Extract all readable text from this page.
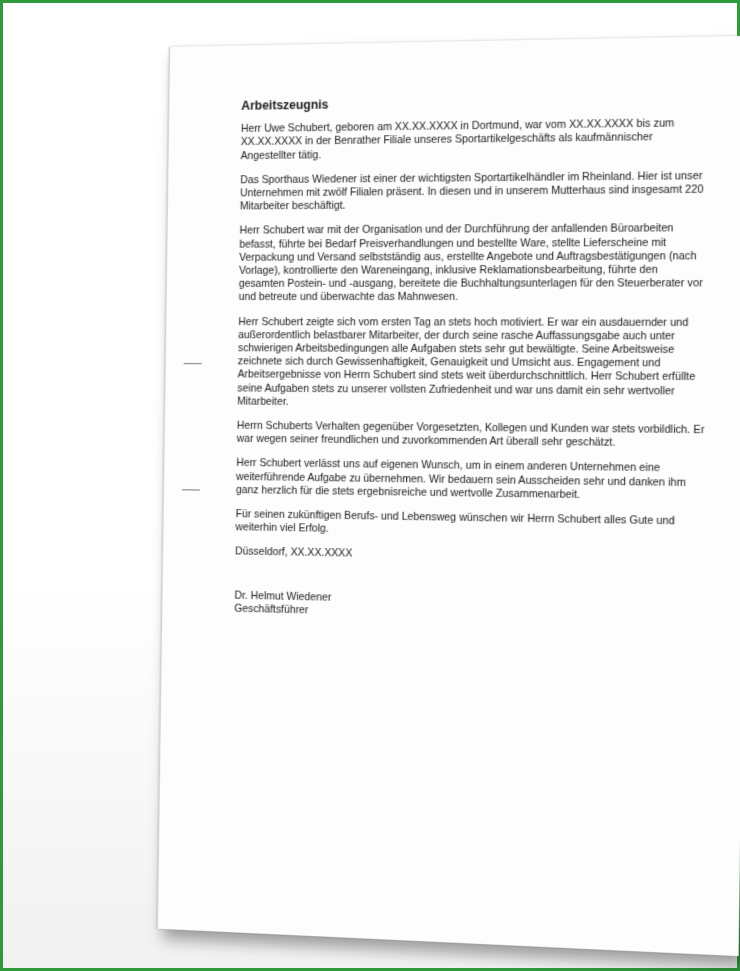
Arbeitszeugnis

Herr Uwe Schubert, geboren am XX.XX.XXXX in Dortmund, war vom XX.XX.XXXX bis zum XX.XX.XXXX in der Benrather Filiale unseres Sportartikelgeschäfts als kaufmännischer Angestellter tätig.

Das Sporthaus Wiedener ist einer der wichtigsten Sportartikelhändler im Rheinland. Hier ist unser Unternehmen mit zwölf Filialen präsent. In diesen und in unserem Mutterhaus sind insgesamt 220 Mitarbeiter beschäftigt.

Herr Schubert war mit der Organisation und der Durchführung der anfallenden Büroarbeiten befasst, führte bei Bedarf Preisverhandlungen und bestellte Ware, stellte Lieferscheine mit Verpackung und Versand selbstständig aus, erstellte Angebote und Auftragsbestätigungen (nach Vorlage), kontrollierte den Wareneingang, inklusive Reklamationsbearbeitung, führte den gesamten Postein- und -ausgang, bereitete die Buchhaltungsunterlagen für den Steuerberater vor und betreute und überwachte das Mahnwesen.

Herr Schubert zeigte sich vom ersten Tag an stets hoch motiviert. Er war ein ausdauernder und außerordentlich belastbarer Mitarbeiter, der durch seine rasche Auffassungsgabe auch unter schwierigen Arbeitsbedingungen alle Aufgaben stets sehr gut bewältigte. Seine Arbeitsweise zeichnete sich durch Gewissenhaftigkeit, Genauigkeit und Umsicht aus. Engagement und Arbeitsergebnisse von Herrn Schubert sind stets weit überdurchschnittlich. Herr Schubert erfüllte seine Aufgaben stets zu unserer vollsten Zufriedenheit und war uns damit ein sehr wertvoller Mitarbeiter.

Herrn Schuberts Verhalten gegenüber Vorgesetzten, Kollegen und Kunden war stets vorbildlich. Er war wegen seiner freundlichen und zuvorkommenden Art überall sehr geschätzt.

Herr Schubert verlässt uns auf eigenen Wunsch, um in einem anderen Unternehmen eine weiterführende Aufgabe zu übernehmen. Wir bedauern sein Ausscheiden sehr und danken ihm ganz herzlich für die stets ergebnisreiche und wertvolle Zusammenarbeit.

Für seinen zukünftigen Berufs- und Lebensweg wünschen wir Herrn Schubert alles Gute und weiterhin viel Erfolg.

Düsseldorf, XX.XX.XXXX

Dr. Helmut Wiedener
Geschäftsführer
